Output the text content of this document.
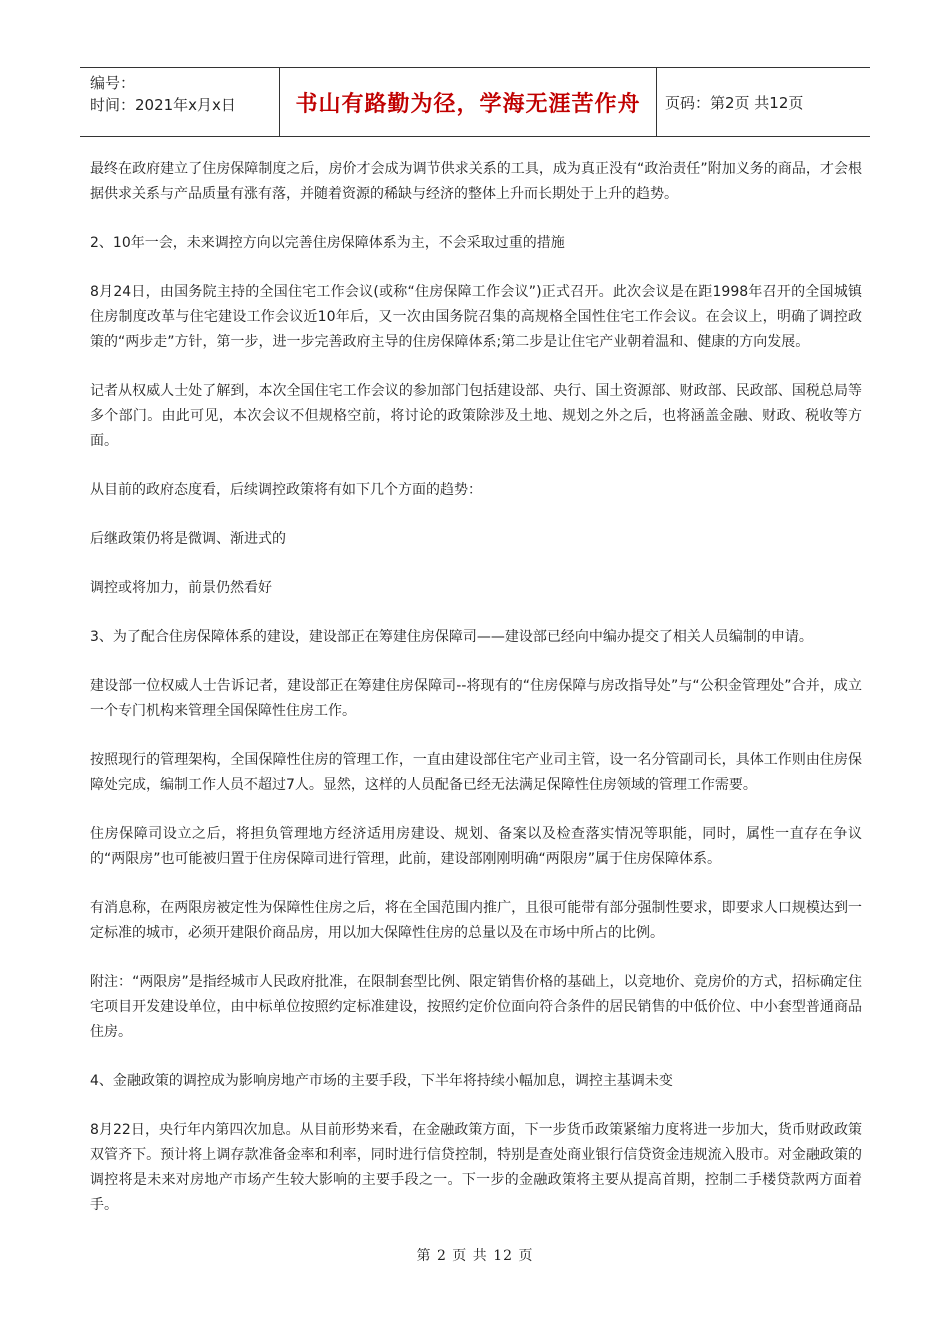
编号：
时间：2021年x月x日	书山有路勤为径，学海无涯苦作舟	页码：第2页 共12页

最终在政府建立了住房保障制度之后，房价才会成为调节供求关系的工具，成为真正没有“政治责任”附加义务的商品，才会根据供求关系与产品质量有涨有落，并随着资源的稀缺与经济的整体上升而长期处于上升的趋势。

2、10年一会，未来调控方向以完善住房保障体系为主，不会采取过重的措施

8月24日，由国务院主持的全国住宅工作会议(或称“住房保障工作会议”)正式召开。此次会议是在距1998年召开的全国城镇住房制度改革与住宅建设工作会议近10年后，又一次由国务院召集的高规格全国性住宅工作会议。在会议上，明确了调控政策的“两步走”方针，第一步，进一步完善政府主导的住房保障体系;第二步是让住宅产业朝着温和、健康的方向发展。

记者从权威人士处了解到，本次全国住宅工作会议的参加部门包括建设部、央行、国土资源部、财政部、民政部、国税总局等多个部门。由此可见，本次会议不但规格空前，将讨论的政策除涉及土地、规划之外之后，也将涵盖金融、财政、税收等方面。

从目前的政府态度看，后续调控政策将有如下几个方面的趋势：

后继政策仍将是微调、渐进式的

调控或将加力，前景仍然看好

3、为了配合住房保障体系的建设，建设部正在筹建住房保障司——建设部已经向中编办提交了相关人员编制的申请。

建设部一位权威人士告诉记者，建设部正在筹建住房保障司--将现有的“住房保障与房改指导处”与“公积金管理处”合并，成立一个专门机构来管理全国保障性住房工作。

按照现行的管理架构，全国保障性住房的管理工作，一直由建设部住宅产业司主管，设一名分管副司长，具体工作则由住房保障处完成，编制工作人员不超过7人。显然，这样的人员配备已经无法满足保障性住房领域的管理工作需要。

住房保障司设立之后，将担负管理地方经济适用房建设、规划、备案以及检查落实情况等职能，同时，属性一直存在争议的“两限房”也可能被归置于住房保障司进行管理，此前，建设部刚刚明确“两限房”属于住房保障体系。

有消息称，在两限房被定性为保障性住房之后，将在全国范围内推广，且很可能带有部分强制性要求，即要求人口规模达到一定标准的城市，必须开建限价商品房，用以加大保障性住房的总量以及在市场中所占的比例。

附注：“两限房”是指经城市人民政府批准，在限制套型比例、限定销售价格的基础上，以竞地价、竞房价的方式，招标确定住宅项目开发建设单位，由中标单位按照约定标准建设，按照约定价位面向符合条件的居民销售的中低价位、中小套型普通商品住房。

4、金融政策的调控成为影响房地产市场的主要手段，下半年将持续小幅加息，调控主基调未变

8月22日，央行年内第四次加息。从目前形势来看，在金融政策方面，下一步货币政策紧缩力度将进一步加大，货币财政政策双管齐下。预计将上调存款准备金率和利率，同时进行信贷控制，特别是查处商业银行信贷资金违规流入股市。对金融政策的调控将是未来对房地产市场产生较大影响的主要手段之一。下一步的金融政策将主要从提高首期，控制二手楼贷款两方面着手。

第 2 页 共 12 页
